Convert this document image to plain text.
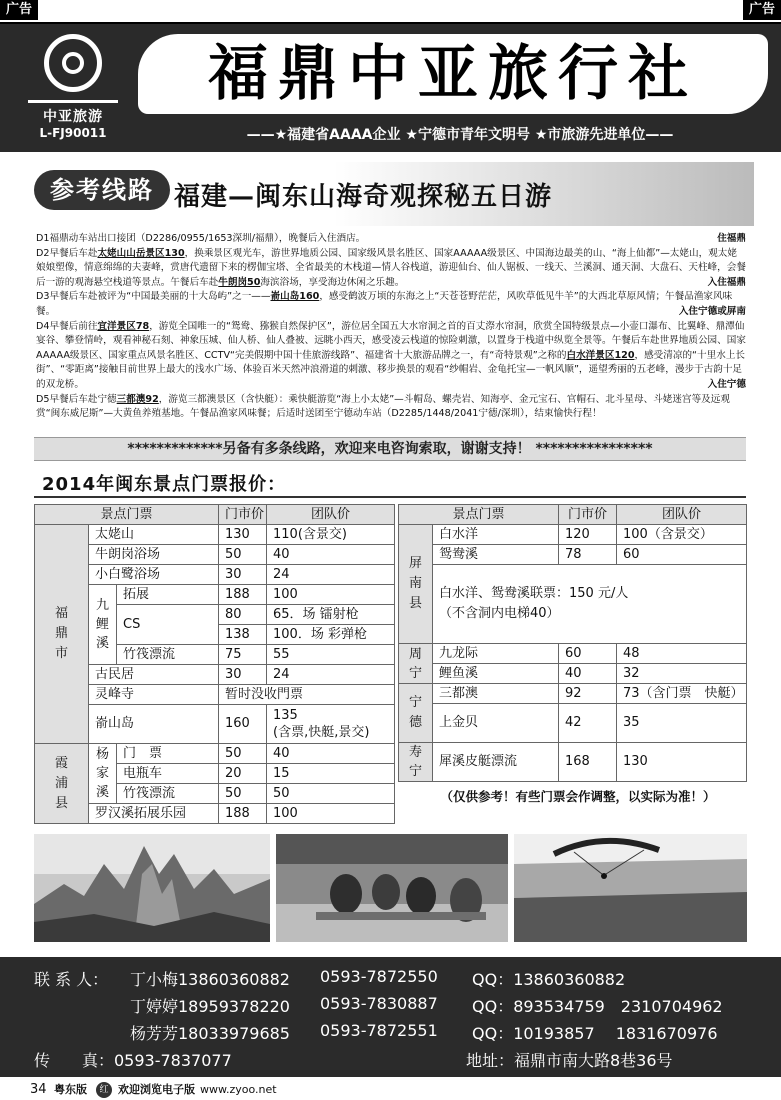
广告	广告
中亚旅游
L-FJ90011
福鼎中亚旅行社
——★福建省AAAA企业 ★宁德市青年文明号 ★市旅游先进单位——
参考线路 福建—闽东山海奇观探秘五日游

D1福鼎动车站出口接团（D2286/0955/1653深圳/福鼎），晚餐后入住酒店。	住福鼎

D2早餐后车赴太姥山山岳景区130，换乘景区观光车，游世界地质公园、国家级风景名胜区、国家AAAAA级景区、中国海边最美的山、“海上仙都”—太姥山，观太姥娘娘塑像，情意绵绵的夫妻峰，赏唐代遗留下来的楞伽宝塔、全省最美的木栈道—情人谷栈道，游迎仙台、仙人锯板、一线天、兰溪洞、通天洞、大盘石、天柱峰，会餐后一游的观海悬空栈道等景点。午餐后车赴牛朗岗50海滨浴场，享受海边休闲之乐趣。	入住福鼎

D3早餐后车赴被评为“中国最美丽的十大岛屿”之一——嵛山岛160，感受鹤波万顷的东海之上“天苍苍野茫茫，风吹草低见牛羊”的大西北草原风情；午餐品渔家风味餐。	入住宁德或屏南

D4早餐后前往宜洋景区78，游览全国唯一的“鸳鸯、猕猴自然保护区”，游位居全国五大水帘洞之首的百丈漈水帘洞，欣赏全国特级景点—小壶口瀑布、比翼峰、鼎潭仙宴谷、攀登情岭，观看神秘石刻、神象压城、仙人桥、仙人叠被、远眺小西天，感受凌云栈道的惊险刺激，以置身于栈道中纵览全景等。午餐后车赴世界地质公园、国家AAAAA级景区、国家重点风景名胜区、CCTV“完美假期中国十佳旅游线路”、福建省十大旅游品牌之一，有“奇特景观”之称的白水洋景区120，感受清凉的“十里水上长街”、“零距离”接触目前世界上最大的浅水广场、体验百米天然冲浪滑道的刺激、移步换景的观看“纱帽岩、金龟托宝—一帆风顺”，遥望秀丽的五老峰，漫步于古韵十足的双龙桥。	入住宁德

D5早餐后车赴宁德三都澳92，游览三都澳景区（含快艇）：乘快艇游览“海上小太姥”—斗帽岛、螺壳岩、知海亭、金元宝石、官帽石、北斗星母、斗姥迷宫等及远观赏“闽东威尼斯”—大黄鱼养殖基地。午餐品渔家风味餐；后适时送团至宁德动车站（D2285/1448/2041宁德/深圳），结束愉快行程！

*************另备有多条线路，欢迎来电咨询索取，谢谢支持！ ****************
2014年闽东景点门票报价：
景点门票			门市价	团队价

福鼎市	太姥山		130	110(含景交)
	牛朗岗浴场		50	40
	小白鹭浴场		30	24

	九鲤溪	拓展	188	100
		CS	80	65．场 镭射枪
			138	100．场 彩弹枪
		竹筏漂流	75	55
	古民居		30	24
	灵峰寺		暂时没收門票	
	嵛山岛		160	135
(含票,快艇,景交)

霞浦县	杨家溪	门　票	50	40
		电瓶车	20	15
		竹筏漂流	50	50
	罗汉溪拓展乐园		188	100
景点门票		门市价	团队价

屏南县	白水洋	120	100（含景交）
	鸳鸯溪	78	60
	白水洋、鸳鸯溪联票：150 元/人
（不含洞内电梯40）		

周宁	九龙际	60	48
	鲤鱼溪	40	32

宁德	三都澳	92	73（含门票　快艇）
	上金贝	42	35

寿宁	犀溪皮艇漂流	168	130
（仅供参考！有些门票会作调整，以实际为准！）
联 系 人： 丁小梅13860360882 0593-7872550 QQ：13860360882
丁婷婷18959378220 0593-7830887 QQ：893534759　2310704962
杨芳芳18033979685 0593-7872551 QQ：10193857　 1831670976
传　　真：0593-7837077	地址：福鼎市南大路8巷36号
34 粤东版	红 欢迎浏览电子版 www.zyoo.net
